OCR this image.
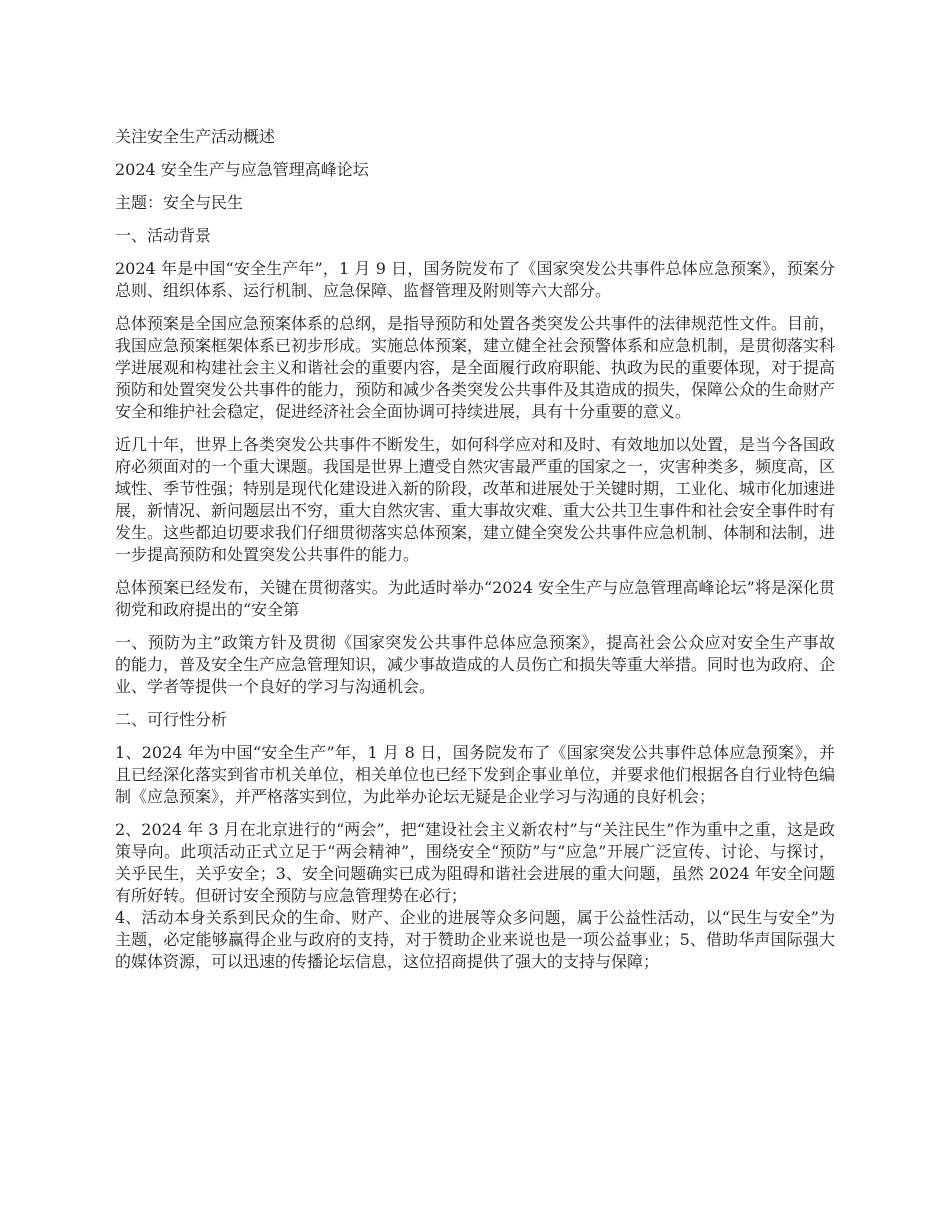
关注安全生产活动概述

2024 安全生产与应急管理高峰论坛

主题：安全与民生

一、活动背景

2024 年是中国“安全生产年”，1 月 9 日，国务院发布了《国家突发公共事件总体应急预案》，预案分总则、组织体系、运行机制、应急保障、监督管理及附则等六大部分。

总体预案是全国应急预案体系的总纲，是指导预防和处置各类突发公共事件的法律规范性文件。目前，我国应急预案框架体系已初步形成。实施总体预案，建立健全社会预警体系和应急机制，是贯彻落实科学进展观和构建社会主义和谐社会的重要内容，是全面履行政府职能、执政为民的重要体现，对于提高预防和处置突发公共事件的能力，预防和减少各类突发公共事件及其造成的损失，保障公众的生命财产安全和维护社会稳定，促进经济社会全面协调可持续进展，具有十分重要的意义。

近几十年，世界上各类突发公共事件不断发生，如何科学应对和及时、有效地加以处置，是当今各国政府必须面对的一个重大课题。我国是世界上遭受自然灾害最严重的国家之一，灾害种类多，频度高，区域性、季节性强；特别是现代化建设进入新的阶段，改革和进展处于关键时期，工业化、城市化加速进展，新情况、新问题层出不穷，重大自然灾害、重大事故灾难、重大公共卫生事件和社会安全事件时有发生。这些都迫切要求我们仔细贯彻落实总体预案，建立健全突发公共事件应急机制、体制和法制，进一步提高预防和处置突发公共事件的能力。

总体预案已经发布，关键在贯彻落实。为此适时举办“2024 安全生产与应急管理高峰论坛”将是深化贯彻党和政府提出的“安全第

一、预防为主”政策方针及贯彻《国家突发公共事件总体应急预案》，提高社会公众应对安全生产事故的能力，普及安全生产应急管理知识，减少事故造成的人员伤亡和损失等重大举措。同时也为政府、企业、学者等提供一个良好的学习与沟通机会。

二、可行性分析

1、2024 年为中国“安全生产”年，1 月 8 日，国务院发布了《国家突发公共事件总体应急预案》，并且已经深化落实到省市机关单位，相关单位也已经下发到企事业单位，并要求他们根据各自行业特色编制《应急预案》，并严格落实到位，为此举办论坛无疑是企业学习与沟通的良好机会；

2、2024 年 3 月在北京进行的“两会”，把“建设社会主义新农村”与“关注民生”作为重中之重，这是政策导向。此项活动正式立足于“两会精神”，围绕安全“预防”与“应急”开展广泛宣传、讨论、与探讨，关乎民生，关乎安全；3、安全问题确实已成为阻碍和谐社会进展的重大问题，虽然 2024 年安全问题有所好转。但研讨安全预防与应急管理势在必行；

4、活动本身关系到民众的生命、财产、企业的进展等众多问题，属于公益性活动，以“民生与安全”为主题，必定能够赢得企业与政府的支持，对于赞助企业来说也是一项公益事业；5、借助华声国际强大的媒体资源，可以迅速的传播论坛信息，这位招商提供了强大的支持与保障；
